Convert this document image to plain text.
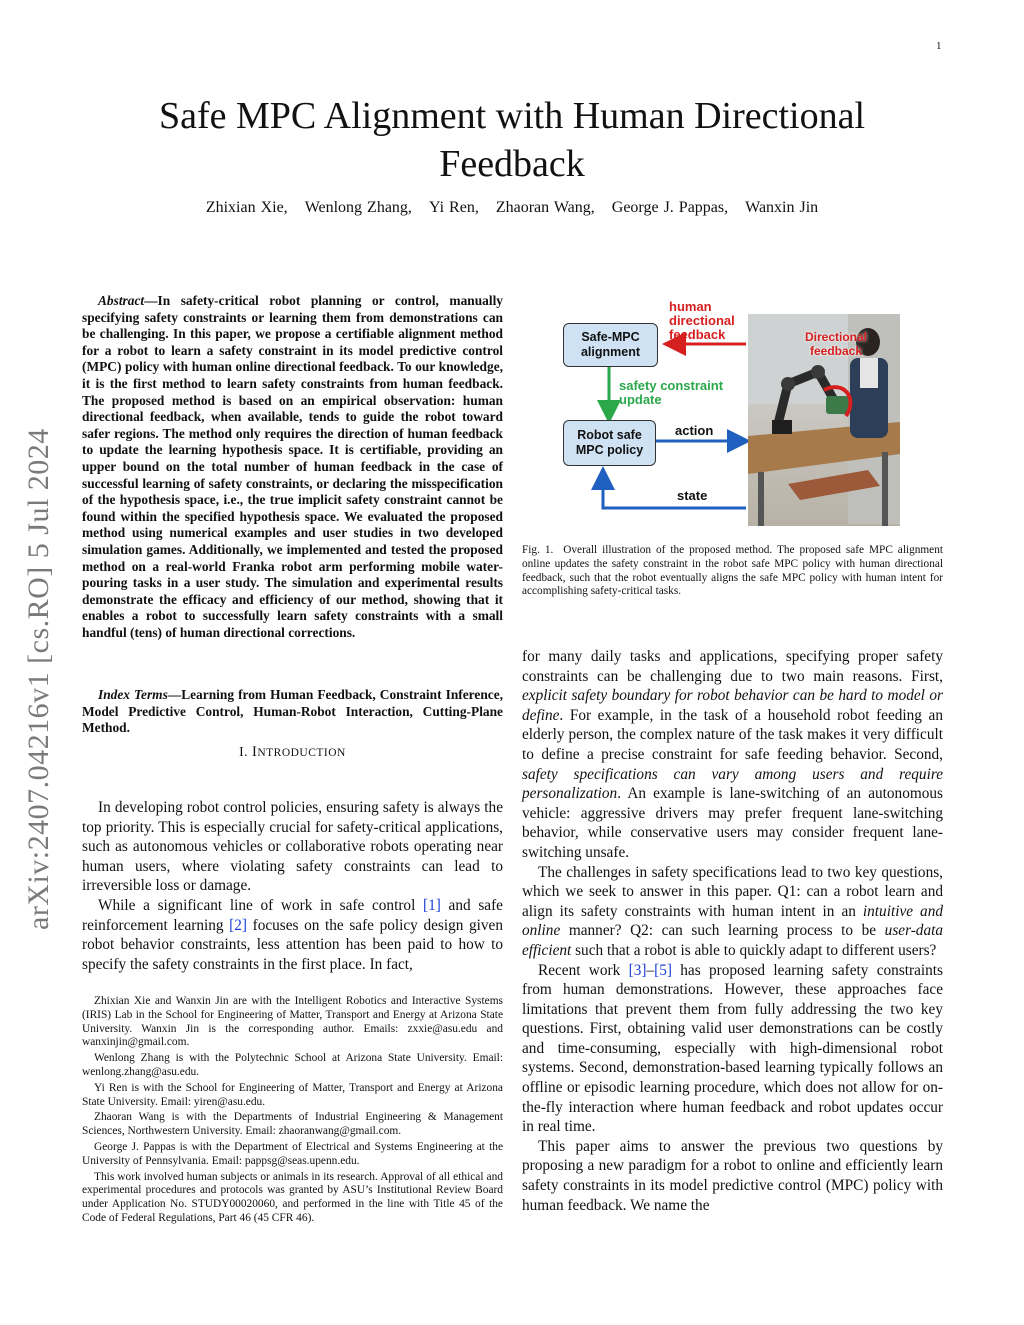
1
arXiv:2407.04216v1 [cs.RO] 5 Jul 2024
Safe MPC Alignment with Human Directional Feedback
Zhixian Xie, Wenlong Zhang, Yi Ren, Zhaoran Wang, George J. Pappas, Wanxin Jin
Abstract—In safety-critical robot planning or control, manually specifying safety constraints or learning them from demonstrations can be challenging. In this paper, we propose a certifiable alignment method for a robot to learn a safety constraint in its model predictive control (MPC) policy with human online directional feedback. To our knowledge, it is the first method to learn safety constraints from human feedback. The proposed method is based on an empirical observation: human directional feedback, when available, tends to guide the robot toward safer regions. The method only requires the direction of human feedback to update the learning hypothesis space. It is certifiable, providing an upper bound on the total number of human feedback in the case of successful learning of safety constraints, or declaring the misspecification of the hypothesis space, i.e., the true implicit safety constraint cannot be found within the specified hypothesis space. We evaluated the proposed method using numerical examples and user studies in two developed simulation games. Additionally, we implemented and tested the proposed method on a real-world Franka robot arm performing mobile water-pouring tasks in a user study. The simulation and experimental results demonstrate the efficacy and efficiency of our method, showing that it enables a robot to successfully learn safety constraints with a small handful (tens) of human directional corrections.
Index Terms—Learning from Human Feedback, Constraint Inference, Model Predictive Control, Human-Robot Interaction, Cutting-Plane Method.
I. INTRODUCTION

In developing robot control policies, ensuring safety is always the top priority. This is especially crucial for safety-critical applications, such as autonomous vehicles or collaborative robots operating near human users, where violating safety constraints can lead to irreversible loss or damage.

While a significant line of work in safe control [1] and safe reinforcement learning [2] focuses on the safe policy design given robot behavior constraints, less attention has been paid to how to specify the safety constraints in the first place. In fact,

Zhixian Xie and Wanxin Jin are with the Intelligent Robotics and Interactive Systems (IRIS) Lab in the School for Engineering of Matter, Transport and Energy at Arizona State University. Wanxin Jin is the corresponding author. Emails: zxxie@asu.edu and wanxinjin@gmail.com.

Wenlong Zhang is with the Polytechnic School at Arizona State University. Email: wenlong.zhang@asu.edu.

Yi Ren is with the School for Engineering of Matter, Transport and Energy at Arizona State University. Email: yiren@asu.edu.

Zhaoran Wang is with the Departments of Industrial Engineering & Management Sciences, Northwestern University. Email: zhaoranwang@gmail.com.

George J. Pappas is with the Department of Electrical and Systems Engineering at the University of Pennsylvania. Email: pappsg@seas.upenn.edu.

This work involved human subjects or animals in its research. Approval of all ethical and experimental procedures and protocols was granted by ASU’s Institutional Review Board under Application No. STUDY00020060, and performed in the line with Title 45 of the Code of Federal Regulations, Part 46 (45 CFR 46).

Safe-MPC alignment
Robot safe MPC policy
human directional feedback
safety constraint update
action
state
Directional feedback
Fig. 1. Overall illustration of the proposed method. The proposed safe MPC alignment online updates the safety constraint in the robot safe MPC policy with human directional feedback, such that the robot eventually aligns the safe MPC policy with human intent for accomplishing safety-critical tasks.

for many daily tasks and applications, specifying proper safety constraints can be challenging due to two main reasons. First, explicit safety boundary for robot behavior can be hard to model or define. For example, in the task of a household robot feeding an elderly person, the complex nature of the task makes it very difficult to define a precise constraint for safe feeding behavior. Second, safety specifications can vary among users and require personalization. An example is lane-switching of an autonomous vehicle: aggressive drivers may prefer frequent lane-switching behavior, while conservative users may consider frequent lane-switching unsafe.

The challenges in safety specifications lead to two key questions, which we seek to answer in this paper. Q1: can a robot learn and align its safety constraints with human intent in an intuitive and online manner? Q2: can such learning process to be user-data efficient such that a robot is able to quickly adapt to different users?

Recent work [3]–[5] has proposed learning safety constraints from human demonstrations. However, these approaches face limitations that prevent them from fully addressing the two key questions. First, obtaining valid user demonstrations can be costly and time-consuming, especially with high-dimensional robot systems. Second, demonstration-based learning typically follows an offline or episodic learning procedure, which does not allow for on-the-fly interaction where human feedback and robot updates occur in real time.

This paper aims to answer the previous two questions by proposing a new paradigm for a robot to online and efficiently learn safety constraints in its model predictive control (MPC) policy with human feedback. We name the
